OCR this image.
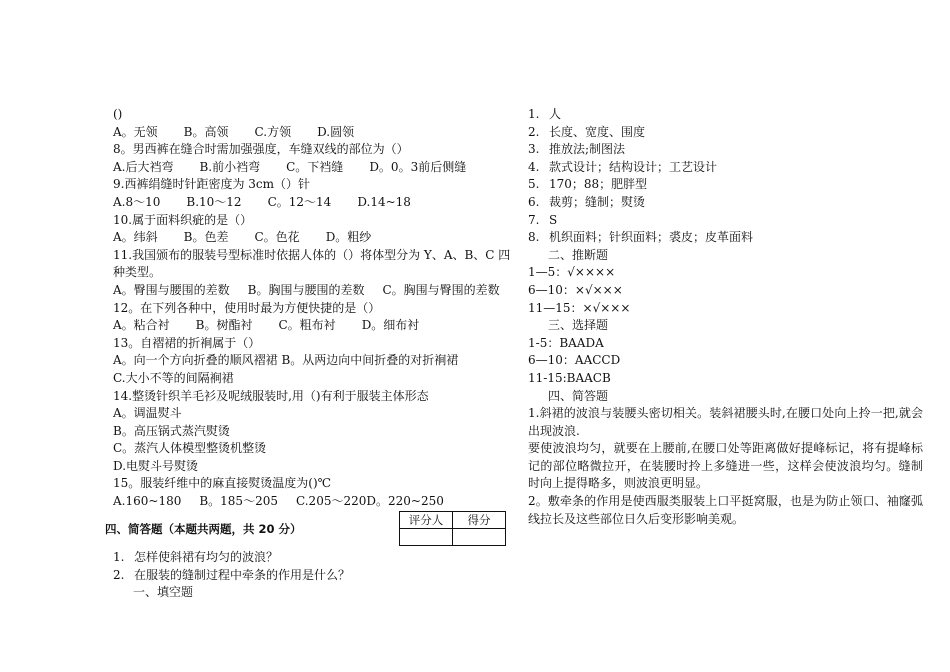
()
A。无领 B。高领 C.方领 D.圆领
8。男西裤在缝合时需加强强度，车缝双线的部位为（）
A.后大裆弯 B.前小裆弯 C。下裆缝 D。0。3前后侧缝
9.西裤绢缝时针距密度为 3cm（）针
A.8～10 B.10～12 C。12～14 D.14~18
10.属于面料织疵的是（）
A。纬斜 B。色差 C。色花 D。粗纱
11.我国颁布的服装号型标准时依据人体的（）将体型分为 Y、A、B、C 四
种类型。
A。臀围与腰围的差数 B。胸围与腰围的差数 C。胸围与臀围的差数
12。在下列各种中，使用时最为方便快捷的是（）
A。粘合衬 B。树酯衬 C。粗布衬 D。细布衬
13。自褶裙的折裥属于（）
A。向一个方向折叠的顺风褶裙 B。从两边向中间折叠的对折裥裙
C.大小不等的间隔裥裙
14.整烫针织羊毛衫及呢绒服装时,用（)有利于服装主体形态
A。调温熨斗
B。高压锅式蒸汽熨烫
C。蒸汽人体模型整烫机整烫
D.电熨斗号熨烫
15。服装纤维中的麻直接熨烫温度为()℃
A.160~180 B。185～205 C.205～220D。220~250
评分人	得分

四、简答题（本题共两题，共 20 分）
1. 怎样使斜裙有均匀的波浪？
2. 在服装的缝制过程中牵条的作用是什么？
一、填空题
1. 人
2. 长度、宽度、围度
3. 推放法;制图法
4. 款式设计；结构设计；工艺设计
5. 170；88；肥胖型
6. 裁剪；缝制；熨烫
7. S
8. 机织面料；针织面料；裘皮；皮革面料
二、推断题
1—5：√××××
6—10：×√×××
11—15：×√×××
三、选择题
1-5：BAADA
6—10：AACCD
11-15:BAACB
四、简答题
1.斜裙的波浪与装腰头密切相关。装斜裙腰头时,在腰口处向上拎一把,就会出现波浪.
要使波浪均匀，就要在上腰前,在腰口处等距离做好提峰标记，将有提峰标记的部位略微拉开，在装腰时拎上多缝进一些，这样会使波浪均匀。缝制时向上提得略多，则波浪更明显。
2。敷牵条的作用是使西服类服装上口平挺窝服，也是为防止领口、袖窿弧线拉长及这些部位日久后变形影响美观。
